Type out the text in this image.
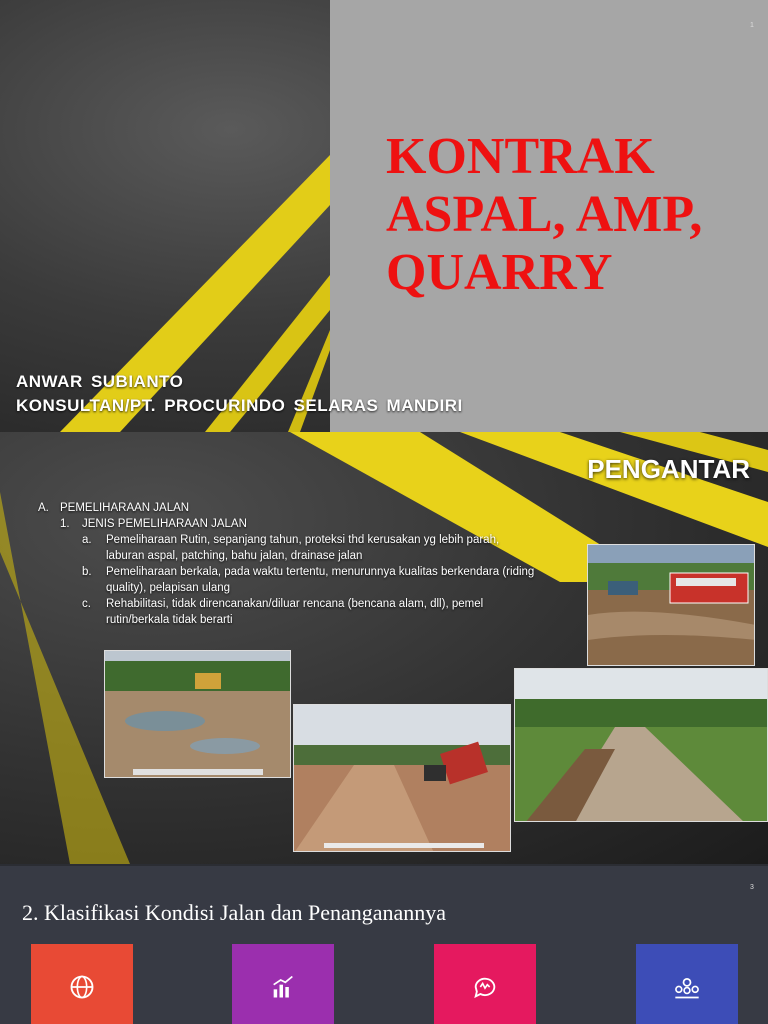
1
KONTRAK
ASPAL, AMP,
QUARRY
ANWAR SUBIANTO
KONSULTAN/PT. PROCURINDO SELARAS MANDIRI
PENGANTAR
A. PEMELIHARAAN JALAN
1.	JENIS PEMELIHARAAN JALAN
a.	Pemeliharaan Rutin, sepanjang tahun, proteksi thd kerusakan yg lebih parah, laburan aspal, patching, bahu jalan, drainase jalan
b.	Pemeliharaan berkala, pada waktu tertentu, menurunnya kualitas berkendara (riding quality), pelapisan ulang
c.	Rehabilitasi, tidak direncanakan/diluar rencana (bencana alam, dll), pemel rutin/berkala tidak berarti
3
2. Klasifikasi Kondisi Jalan dan Penanganannya
